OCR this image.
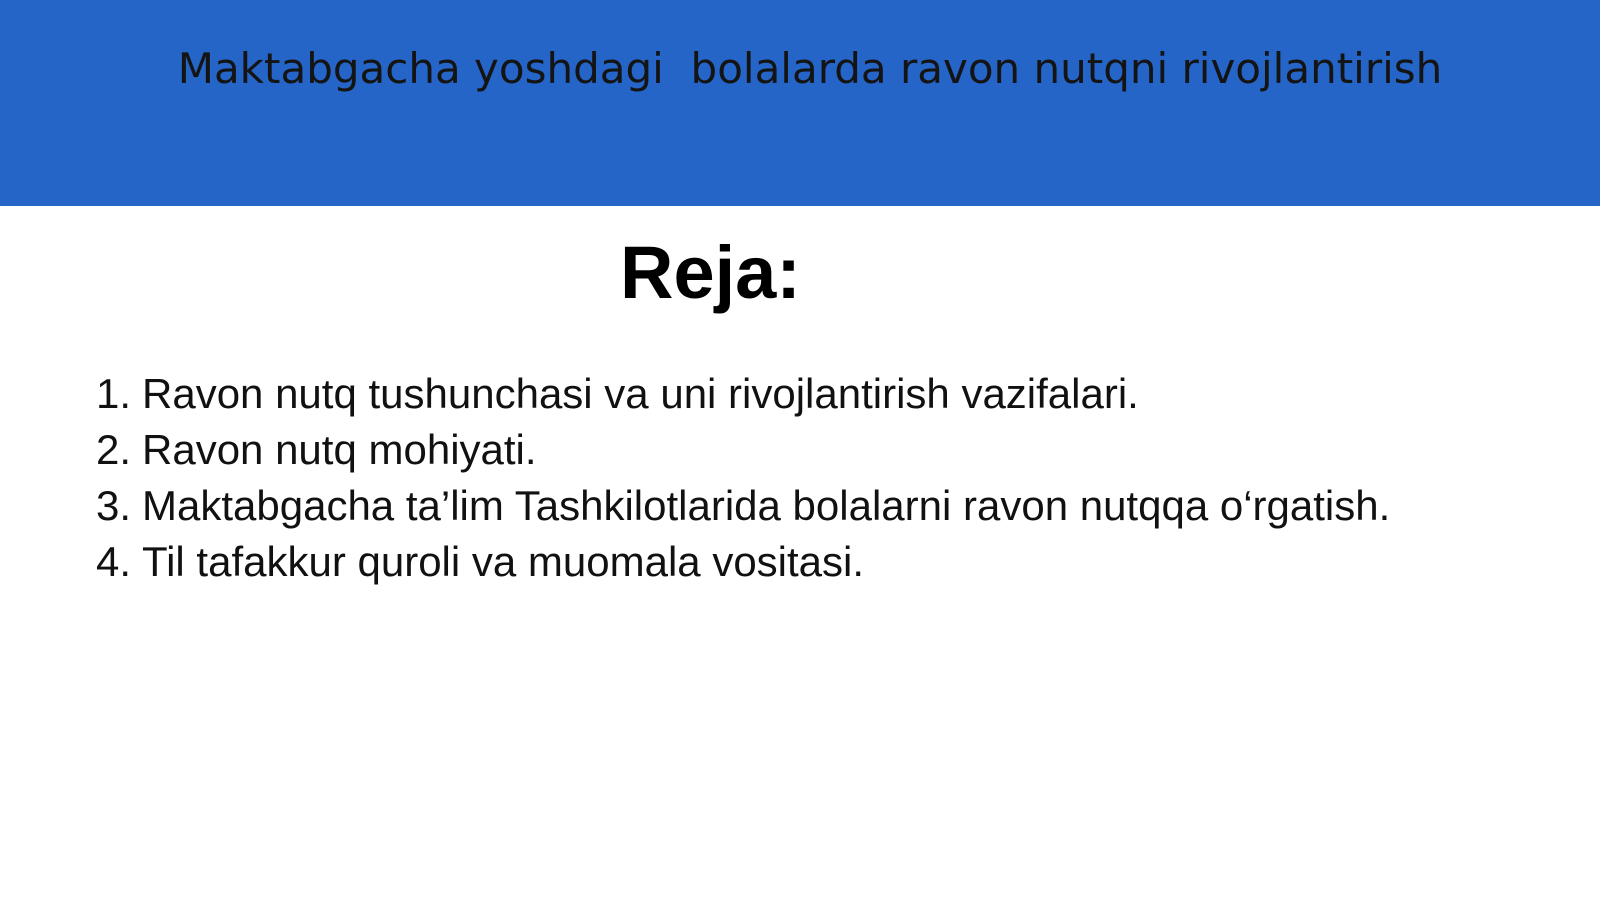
Maktabgacha yoshdagi  bolalarda ravon nutqni rivojlantirish
Reja:
1. Ravon nutq tushunchasi va uni rivojlantirish vazifalari.
2. Ravon nutq mohiyati.
3. Maktabgacha ta’lim Tashkilotlarida bolalarni ravon nutqqa o‘rgatish.
4. Til tafakkur quroli va muomala vositasi.
